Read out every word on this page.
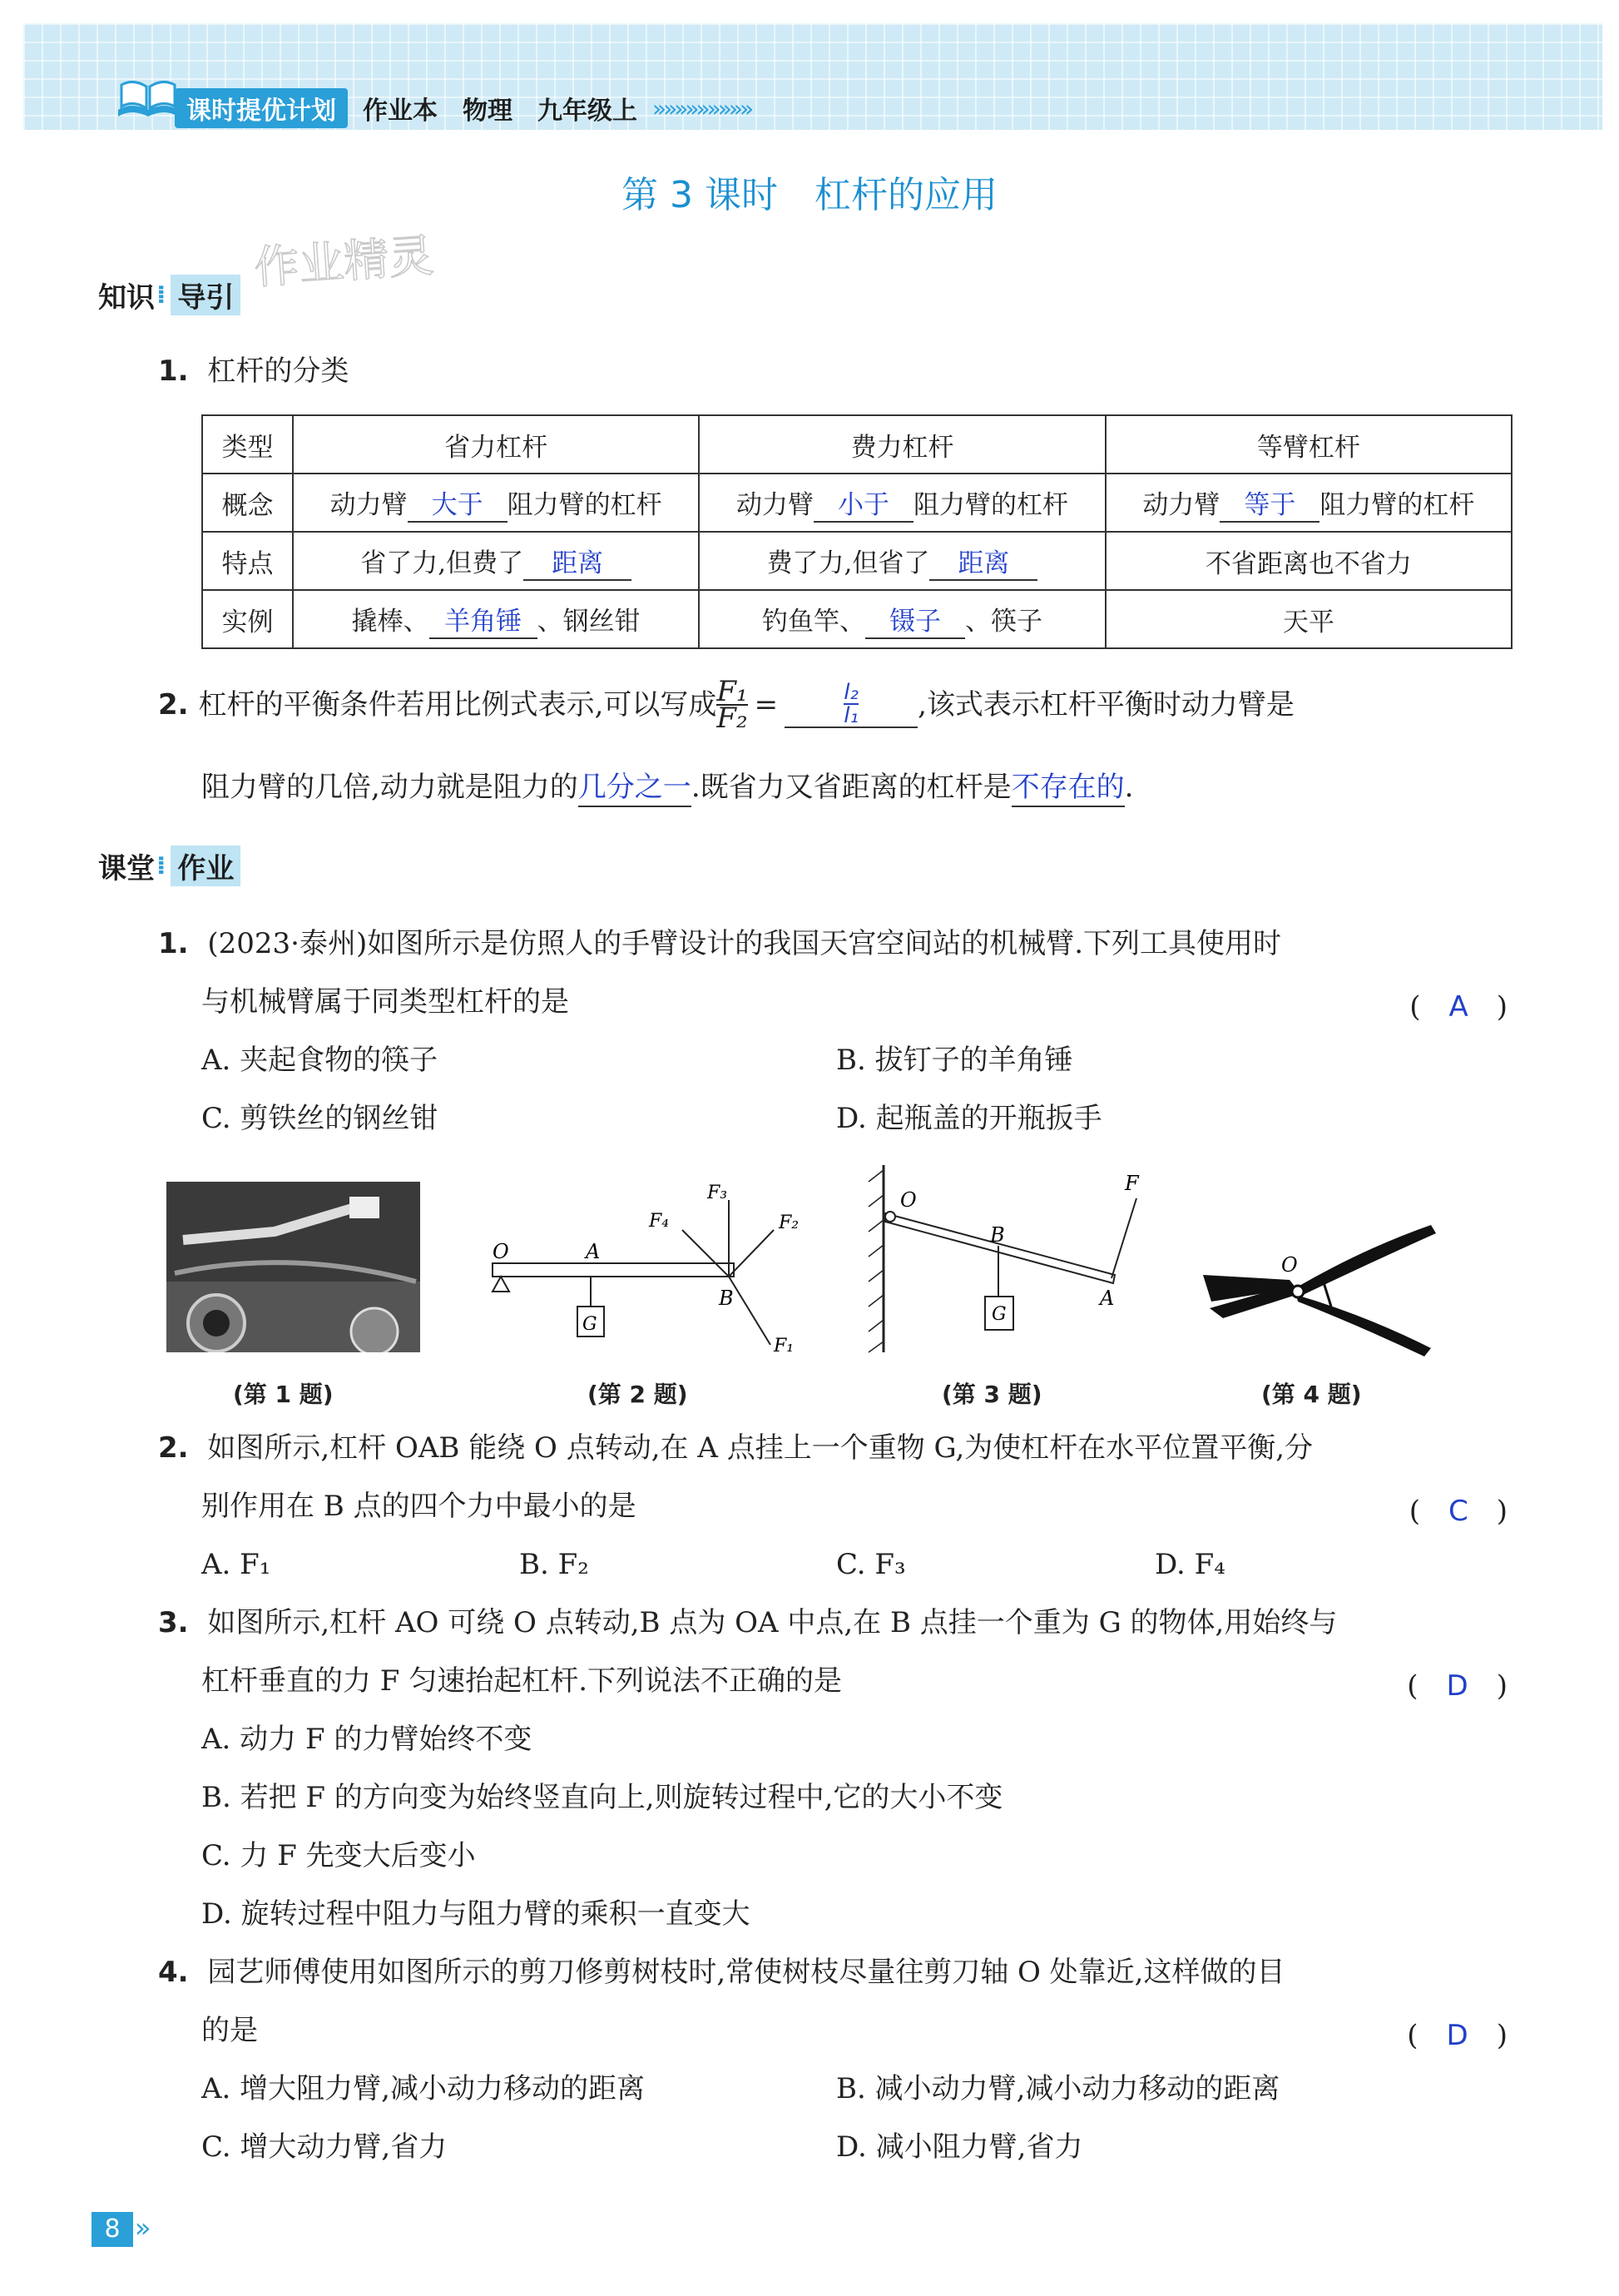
课时提优计划	作业本　物理　九年级上 »»»»»»»»»
第 3 课时　杠杆的应用
作业精灵
知识 ⁞ 导引
1. 杠杆的分类
类型	省力杠杆	费力杠杆	等臂杠杆
概念	动力臂 大于 阻力臂的杠杆	动力臂 小于 阻力臂的杠杆	动力臂 等于 阻力臂的杠杆
特点	省了力,但费了 距离	费了力,但省了 距离	不省距离也不省力
实例	撬棒、 羊角锤 、钢丝钳	钓鱼竿、 镊子 、筷子	天平
2. 杠杆的平衡条件若用比例式表示,可以写成 $\frac{\text{F₁}}{\text{F₂}}$ =	$\frac{\text{l₂}}{\text{l₁}}$ ,该式表示杠杆平衡时动力臂是
阻力臂的几倍,动力就是阻力的几分之一.既省力又省距离的杠杆是不存在的.
课堂 ⁞ 作业
1. (2023·泰州)如图所示是仿照人的手臂设计的我国天宫空间站的机械臂.下列工具使用时
与机械臂属于同类型杠杆的是	(　A　)
A. 夹起食物的筷子	B. 拔钉子的羊角锤
C. 剪铁丝的钢丝钳	D. 起瓶盖的开瓶扳手
O	A
B
G
F₁
F₂
F₃
F₄
O
B
A
G
F
O
(第 1 题)	(第 2 题)	(第 3 题)	(第 4 题)
2. 如图所示,杠杆 OAB 能绕 O 点转动,在 A 点挂上一个重物 G,为使杠杆在水平位置平衡,分
别作用在 B 点的四个力中最小的是	(　C　)
A. F₁	B. F₂	C. F₃	D. F₄
3. 如图所示,杠杆 AO 可绕 O 点转动,B 点为 OA 中点,在 B 点挂一个重为 G 的物体,用始终与
杠杆垂直的力 F 匀速抬起杠杆.下列说法不正确的是	(　D　)
A. 动力 F 的力臂始终不变
B. 若把 F 的方向变为始终竖直向上,则旋转过程中,它的大小不变
C. 力 F 先变大后变小
D. 旋转过程中阻力与阻力臂的乘积一直变大
4. 园艺师傅使用如图所示的剪刀修剪树枝时,常使树枝尽量往剪刀轴 O 处靠近,这样做的目
的是	(　D　)
A. 增大阻力臂,减小动力移动的距离	B. 减小动力臂,减小动力移动的距离
C. 增大动力臂,省力	D. 减小阻力臂,省力
8 »
